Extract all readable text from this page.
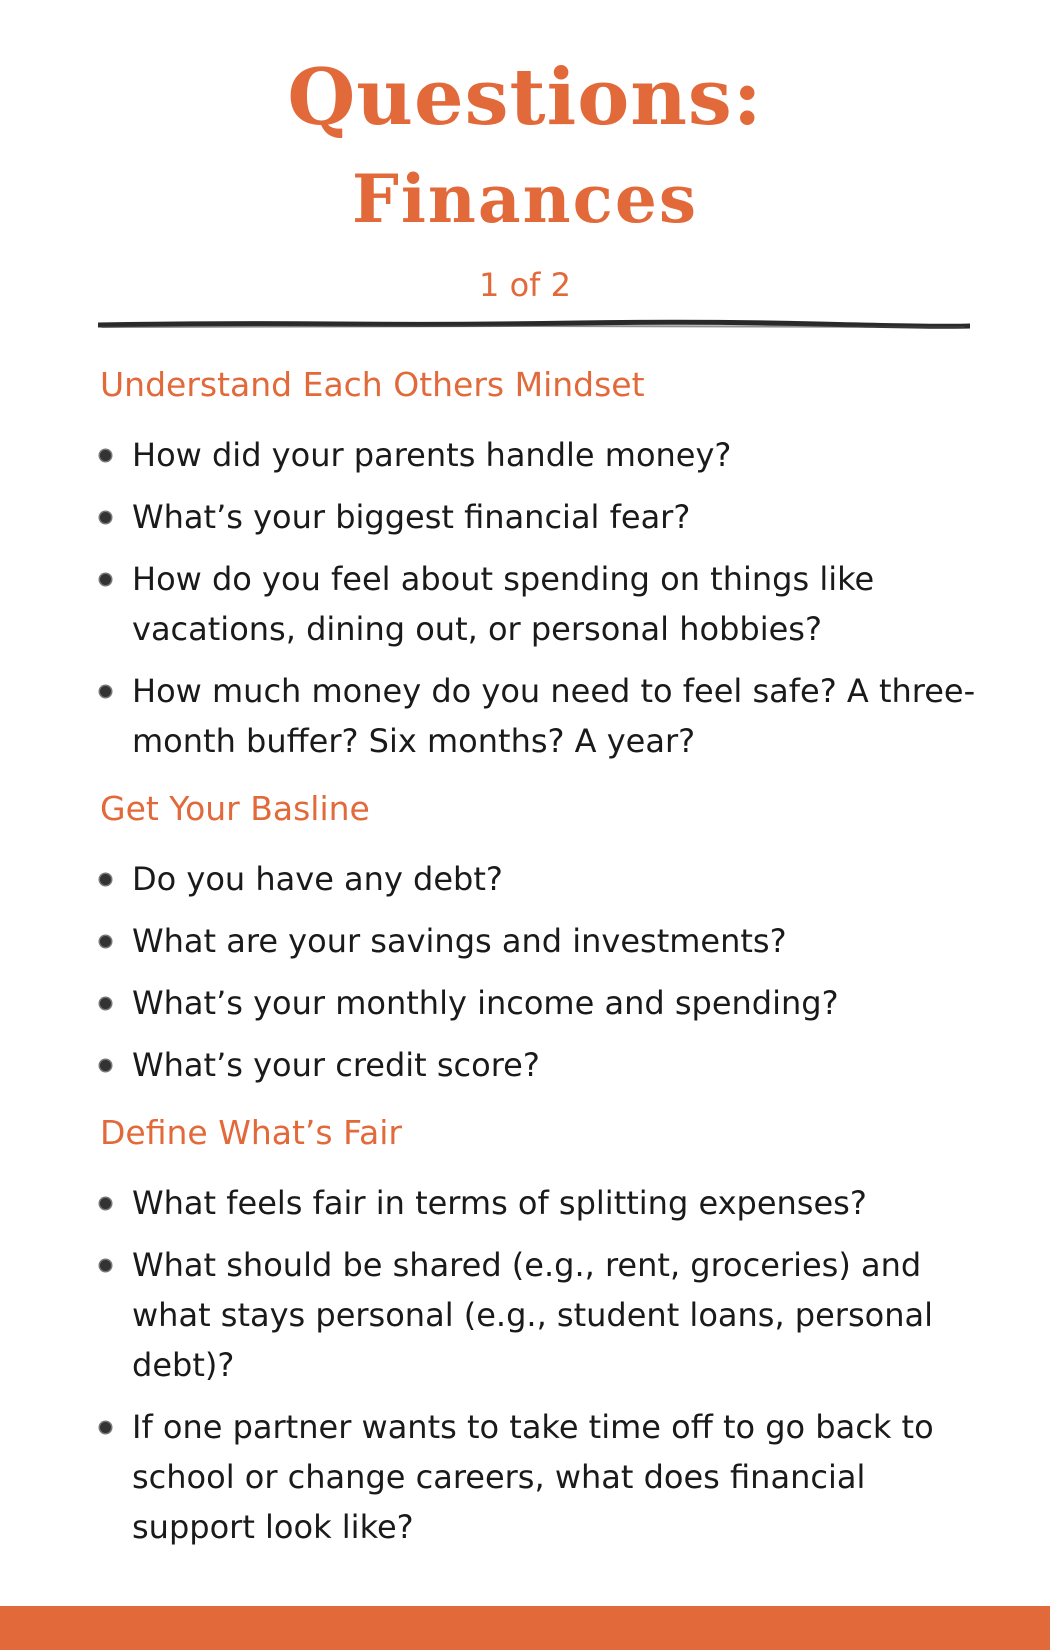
Questions:
Finances
1 of 2
Understand Each Others Mindset
How did your parents handle money?
What’s your biggest financial fear?
How do you feel about spending on things like vacations, dining out, or personal hobbies?
How much money do you need to feel safe? A three-month buffer? Six months? A year?
Get Your Basline
Do you have any debt?
What are your savings and investments?
What’s your monthly income and spending?
What’s your credit score?
Define What’s Fair
What feels fair in terms of splitting expenses?
What should be shared (e.g., rent, groceries) and what stays personal (e.g., student loans, personal debt)?
If one partner wants to take time off to go back to school or change careers, what does financial support look like?
